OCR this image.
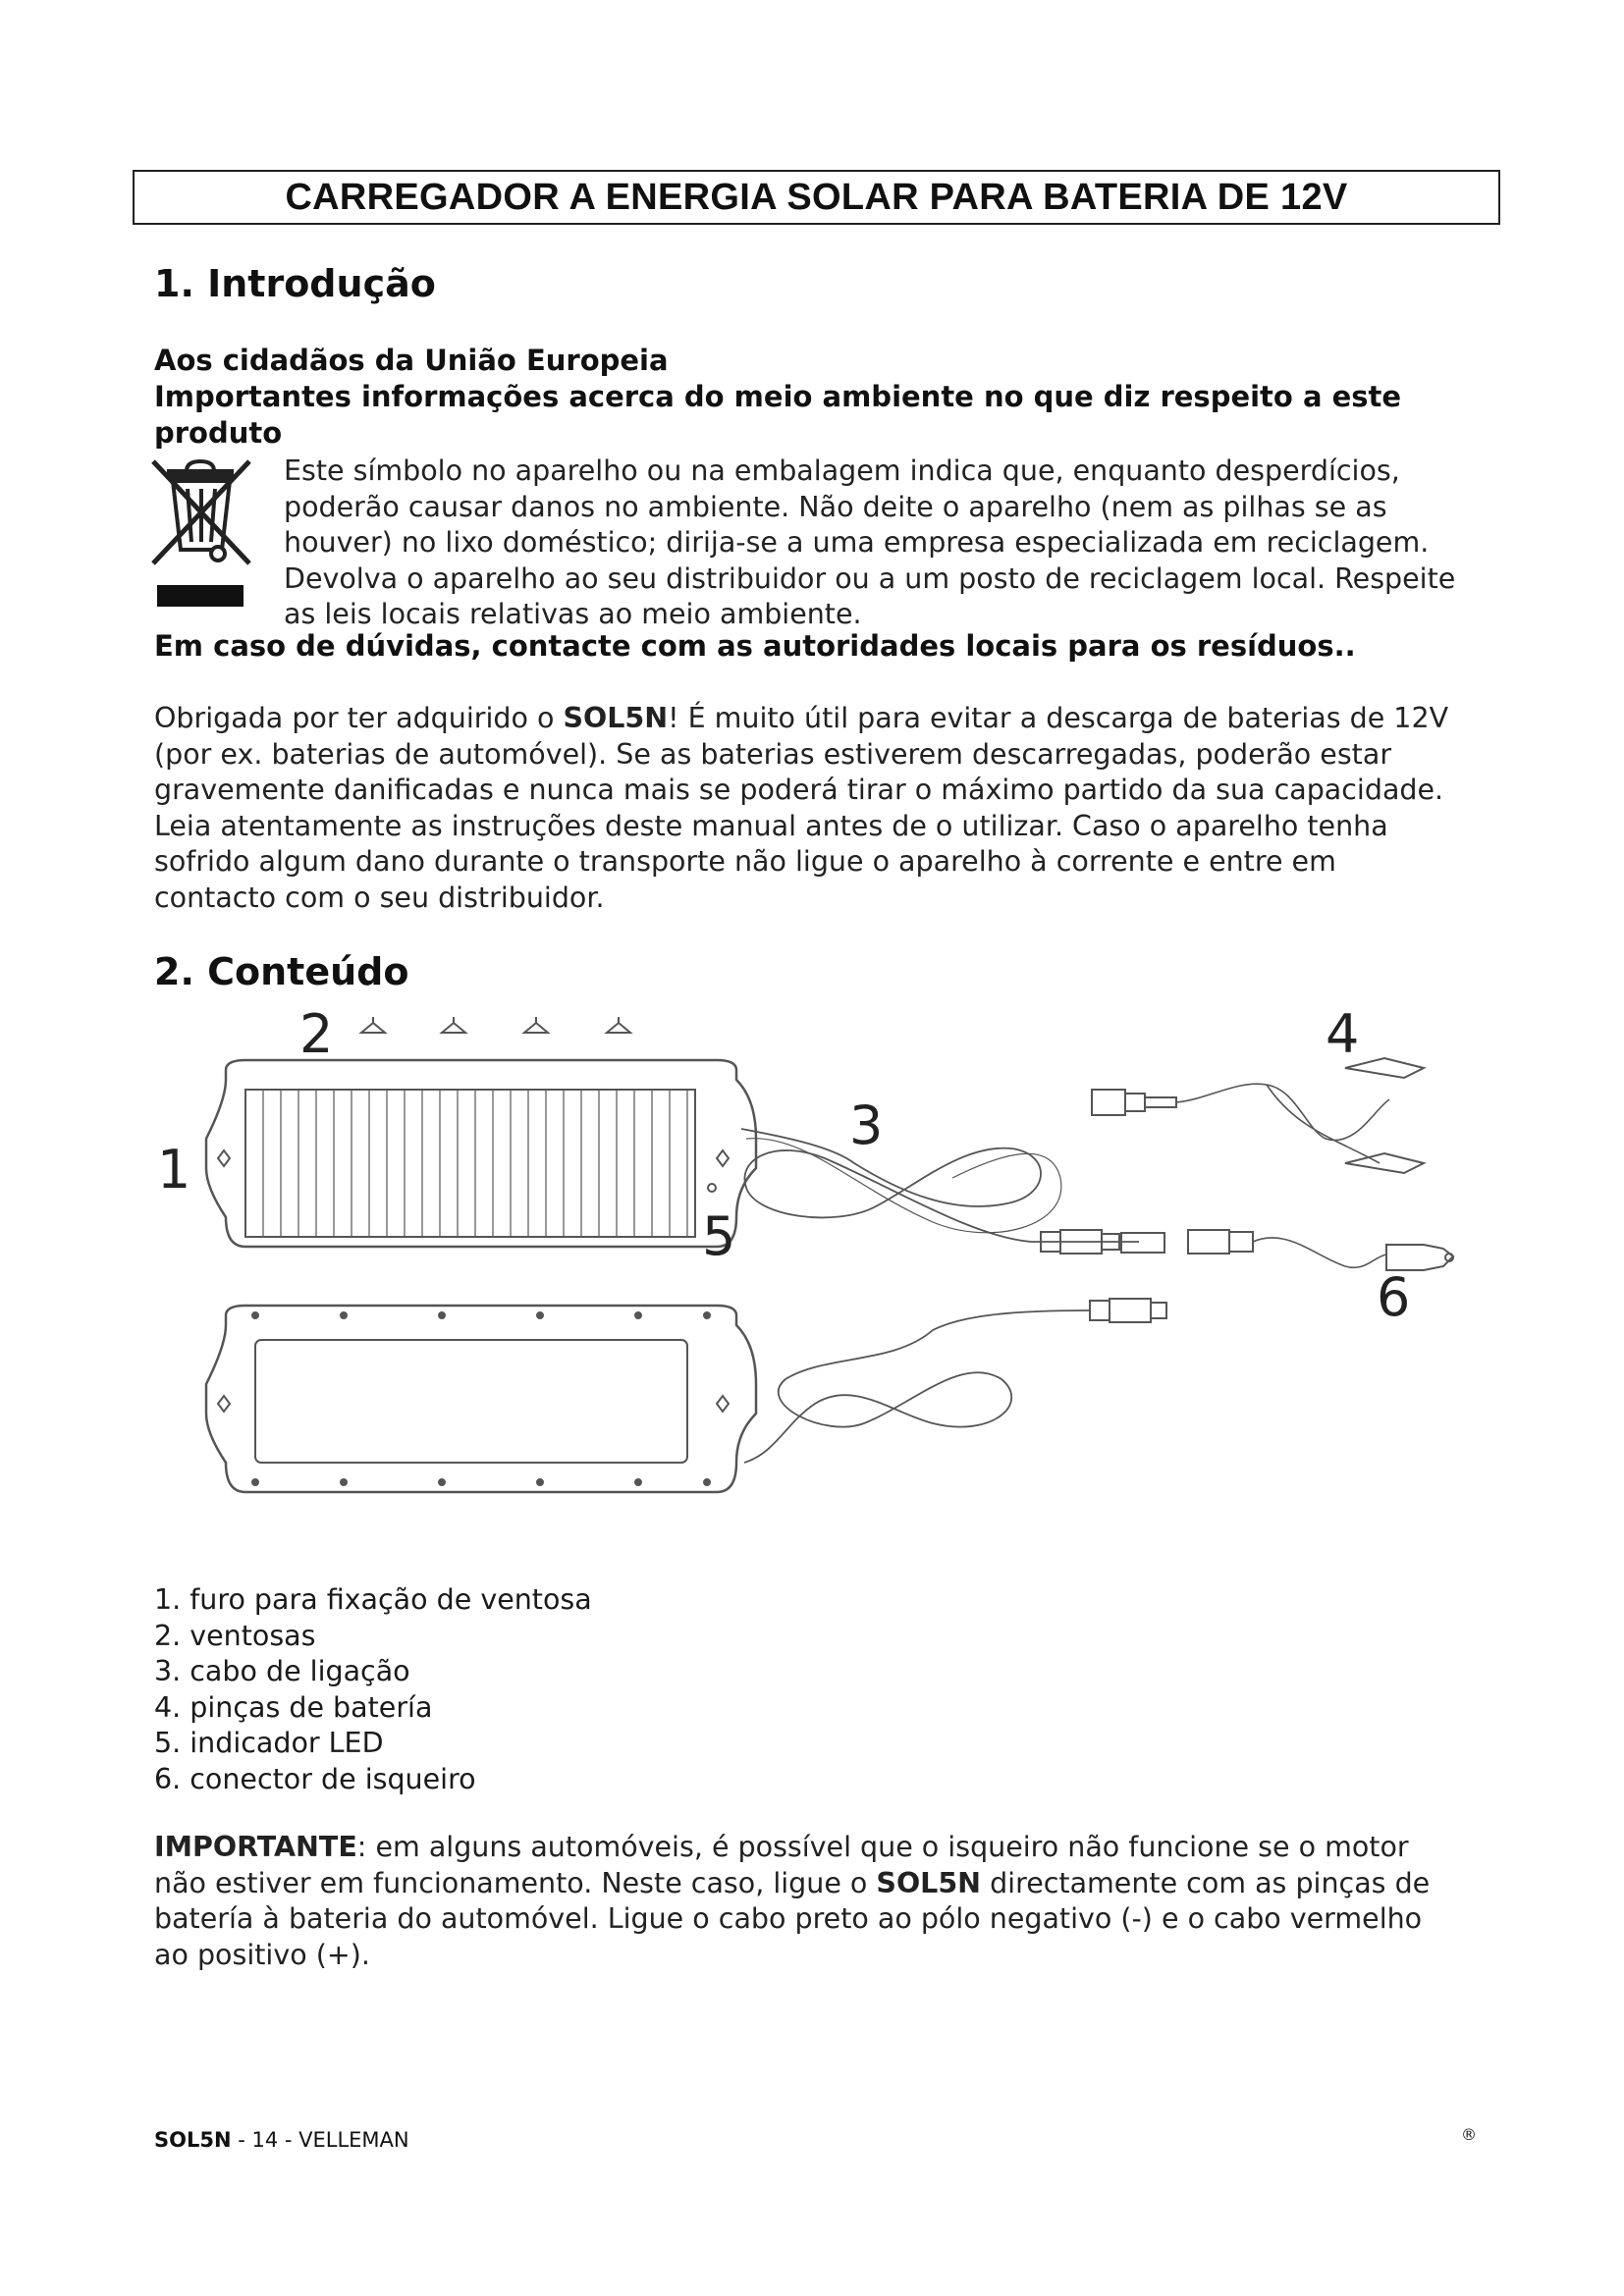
CARREGADOR A ENERGIA SOLAR PARA BATERIA DE 12V
1. Introdução
Aos cidadãos da União Europeia
Importantes informações acerca do meio ambiente no que diz respeito a este produto
Este símbolo no aparelho ou na embalagem indica que, enquanto desperdícios, poderão causar danos no ambiente. Não deite o aparelho (nem as pilhas se as houver) no lixo doméstico; dirija-se a uma empresa especializada em reciclagem. Devolva o aparelho ao seu distribuidor ou a um posto de reciclagem local. Respeite as leis locais relativas ao meio ambiente.
Em caso de dúvidas, contacte com as autoridades locais para os resíduos..
Obrigada por ter adquirido o SOL5N! É muito útil para evitar a descarga de baterias de 12V (por ex. baterias de automóvel). Se as baterias estiverem descarregadas, poderão estar gravemente danificadas e nunca mais se poderá tirar o máximo partido da sua capacidade. Leia atentamente as instruções deste manual antes de o utilizar. Caso o aparelho tenha sofrido algum dano durante o transporte não ligue o aparelho à corrente e entre em contacto com o seu distribuidor.
2. Conteúdo
2
1
3
4
5
6
1. furo para fixação de ventosa
2. ventosas
3. cabo de ligação
4. pinças de batería
5. indicador LED
6. conector de isqueiro
IMPORTANTE: em alguns automóveis, é possível que o isqueiro não funcione se o motor não estiver em funcionamento. Neste caso, ligue o SOL5N directamente com as pinças de batería à bateria do automóvel. Ligue o cabo preto ao pólo negativo (-) e o cabo vermelho ao positivo (+).
SOL5N - 14 - VELLEMAN	®
